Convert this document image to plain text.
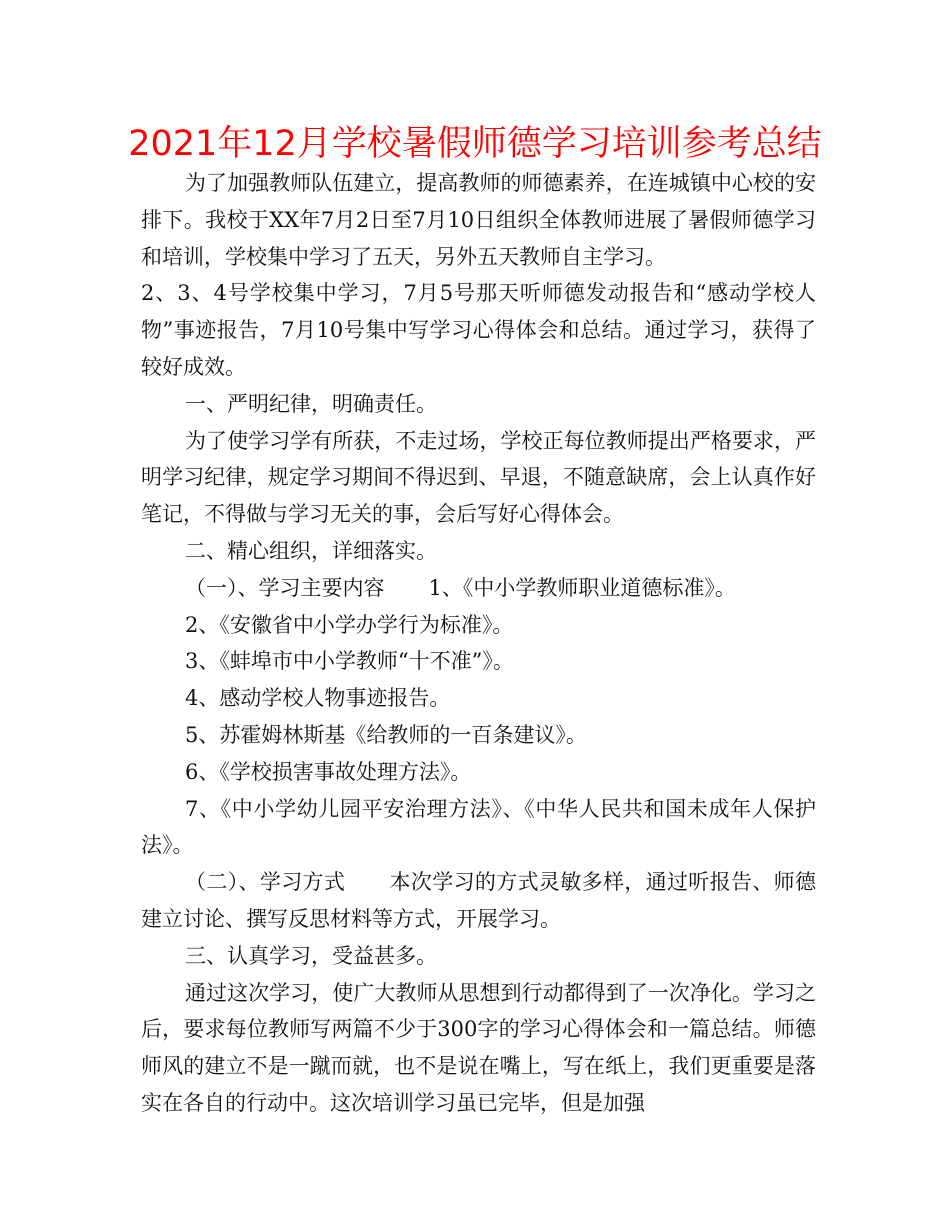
2021年12月学校暑假师德学习培训参考总结

为了加强教师队伍建立，提高教师的师德素养，在连城镇中心校的安排下。我校于XX年7月2日至7月10日组织全体教师进展了暑假师德学习和培训，学校集中学习了五天，另外五天教师自主学习。

2、3、4号学校集中学习，7月5号那天听师德发动报告和“感动学校人物”事迹报告，7月10号集中写学习心得体会和总结。通过学习，获得了较好成效。

一、严明纪律，明确责任。

为了使学习学有所获，不走过场，学校正每位教师提出严格要求，严明学习纪律，规定学习期间不得迟到、早退，不随意缺席，会上认真作好笔记，不得做与学习无关的事，会后写好心得体会。

二、精心组织，详细落实。

（一）、学习主要内容 1、《中小学教师职业道德标准》。

2、《安徽省中小学办学行为标准》。

3、《蚌埠市中小学教师“十不准”》。

4、感动学校人物事迹报告。

5、苏霍姆林斯基《给教师的一百条建议》。

6、《学校损害事故处理方法》。

7、《中小学幼儿园平安治理方法》、《中华人民共和国未成年人保护法》。

（二）、学习方式 本次学习的方式灵敏多样，通过听报告、师德建立讨论、撰写反思材料等方式，开展学习。

三、认真学习，受益甚多。

通过这次学习，使广大教师从思想到行动都得到了一次净化。学习之后，要求每位教师写两篇不少于300字的学习心得体会和一篇总结。师德师风的建立不是一蹴而就，也不是说在嘴上，写在纸上，我们更重要是落实在各自的行动中。这次培训学习虽已完毕，但是加强
